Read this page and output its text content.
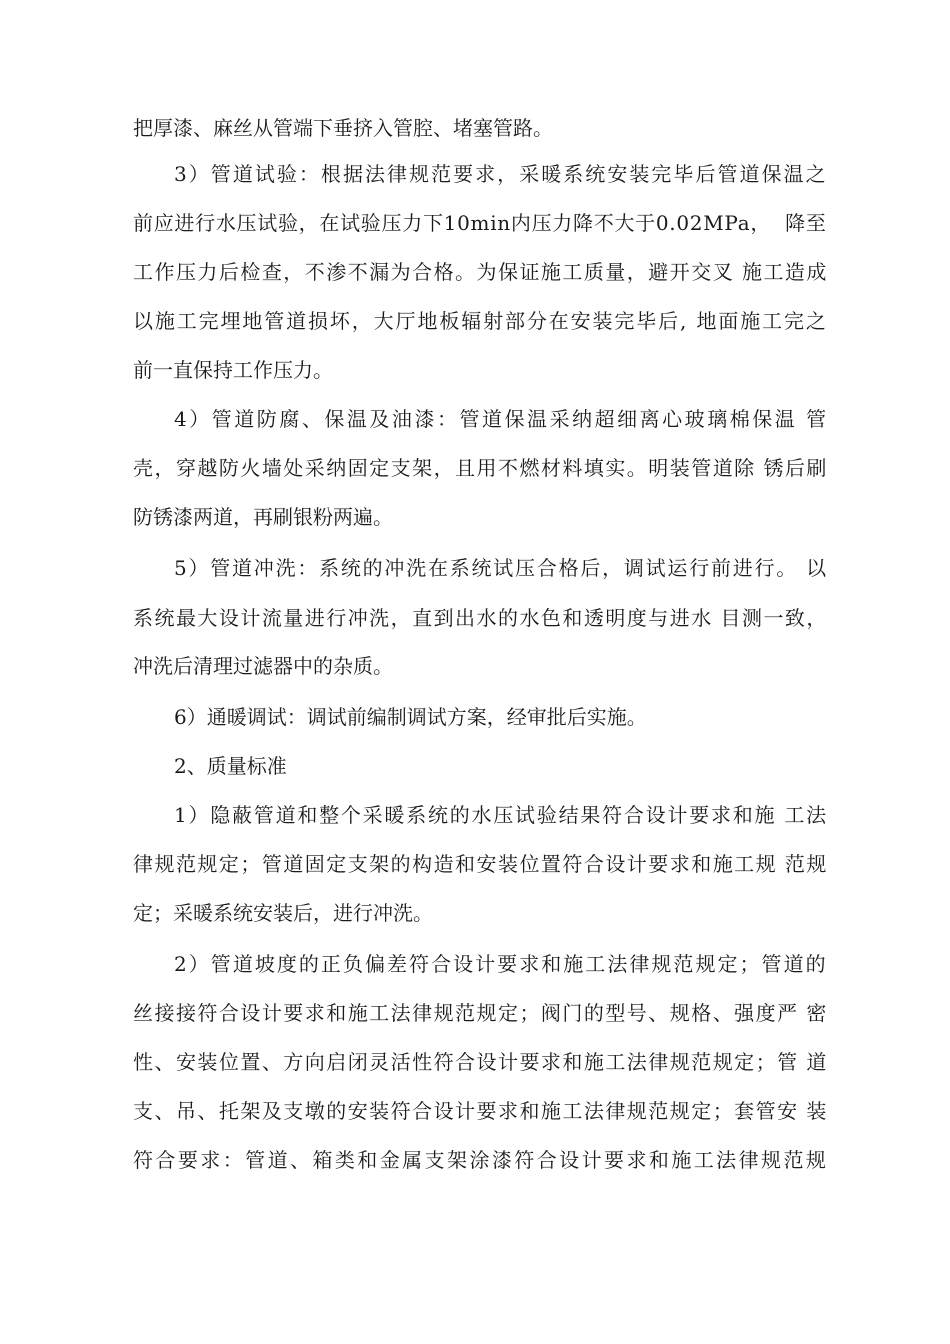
把厚漆、麻丝从管端下垂挤入管腔、堵塞管路。

3）管道试验：根据法律规范要求，采暖系统安装完毕后管道保温之

前应进行水压试验，在试验压力下10min内压力降不大于0.02MPa，  降至

工作压力后检查，不渗不漏为合格。为保证施工质量，避开交叉 施工造成

以施工完埋地管道损坏，大厅地板辐射部分在安装完毕后, 地面施工完之

前一直保持工作压力。

4）管道防腐、保温及油漆：管道保温采纳超细离心玻璃棉保温 管

壳，穿越防火墙处采纳固定支架，且用不燃材料填实。明装管道除 锈后刷

防锈漆两道，再刷银粉两遍。

5）管道冲洗：系统的冲洗在系统试压合格后，调试运行前进行。 以

系统最大设计流量进行冲洗，直到出水的水色和透明度与进水 目测一致，

冲洗后清理过滤器中的杂质。

6）通暖调试：调试前编制调试方案，经审批后实施。

2、质量标准

1）隐蔽管道和整个采暖系统的水压试验结果符合设计要求和施 工法

律规范规定；管道固定支架的构造和安装位置符合设计要求和施工规 范规

定；采暖系统安装后，进行冲洗。

2）管道坡度的正负偏差符合设计要求和施工法律规范规定；管道的

丝接接符合设计要求和施工法律规范规定；阀门的型号、规格、强度严 密

性、安装位置、方向启闭灵活性符合设计要求和施工法律规范规定；管 道

支、吊、托架及支墩的安装符合设计要求和施工法律规范规定；套管安 装

符合要求：管道、箱类和金属支架涂漆符合设计要求和施工法律规范规
